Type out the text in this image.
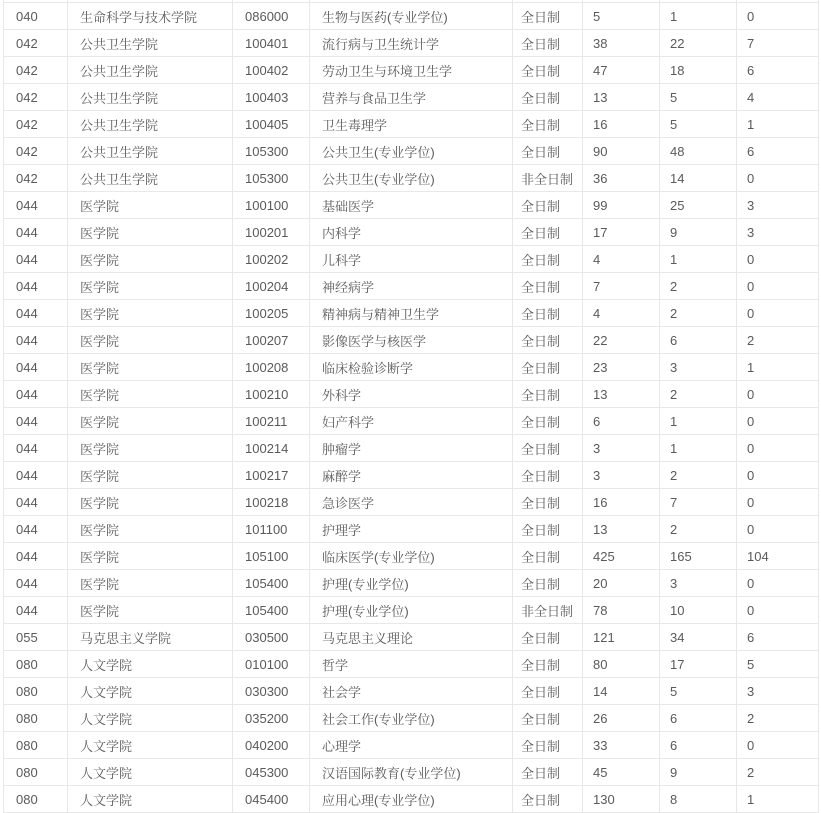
040	生命科学与技术学院	086000	生物与医药(专业学位)	全日制	5	1	0
042	公共卫生学院	100401	流行病与卫生统计学	全日制	38	22	7
042	公共卫生学院	100402	劳动卫生与环境卫生学	全日制	47	18	6
042	公共卫生学院	100403	营养与食品卫生学	全日制	13	5	4
042	公共卫生学院	100405	卫生毒理学	全日制	16	5	1
042	公共卫生学院	105300	公共卫生(专业学位)	全日制	90	48	6
042	公共卫生学院	105300	公共卫生(专业学位)	非全日制	36	14	0
044	医学院	100100	基础医学	全日制	99	25	3
044	医学院	100201	内科学	全日制	17	9	3
044	医学院	100202	儿科学	全日制	4	1	0
044	医学院	100204	神经病学	全日制	7	2	0
044	医学院	100205	精神病与精神卫生学	全日制	4	2	0
044	医学院	100207	影像医学与核医学	全日制	22	6	2
044	医学院	100208	临床检验诊断学	全日制	23	3	1
044	医学院	100210	外科学	全日制	13	2	0
044	医学院	100211	妇产科学	全日制	6	1	0
044	医学院	100214	肿瘤学	全日制	3	1	0
044	医学院	100217	麻醉学	全日制	3	2	0
044	医学院	100218	急诊医学	全日制	16	7	0
044	医学院	101100	护理学	全日制	13	2	0
044	医学院	105100	临床医学(专业学位)	全日制	425	165	104
044	医学院	105400	护理(专业学位)	全日制	20	3	0
044	医学院	105400	护理(专业学位)	非全日制	78	10	0
055	马克思主义学院	030500	马克思主义理论	全日制	121	34	6
080	人文学院	010100	哲学	全日制	80	17	5
080	人文学院	030300	社会学	全日制	14	5	3
080	人文学院	035200	社会工作(专业学位)	全日制	26	6	2
080	人文学院	040200	心理学	全日制	33	6	0
080	人文学院	045300	汉语国际教育(专业学位)	全日制	45	9	2
080	人文学院	045400	应用心理(专业学位)	全日制	130	8	1
